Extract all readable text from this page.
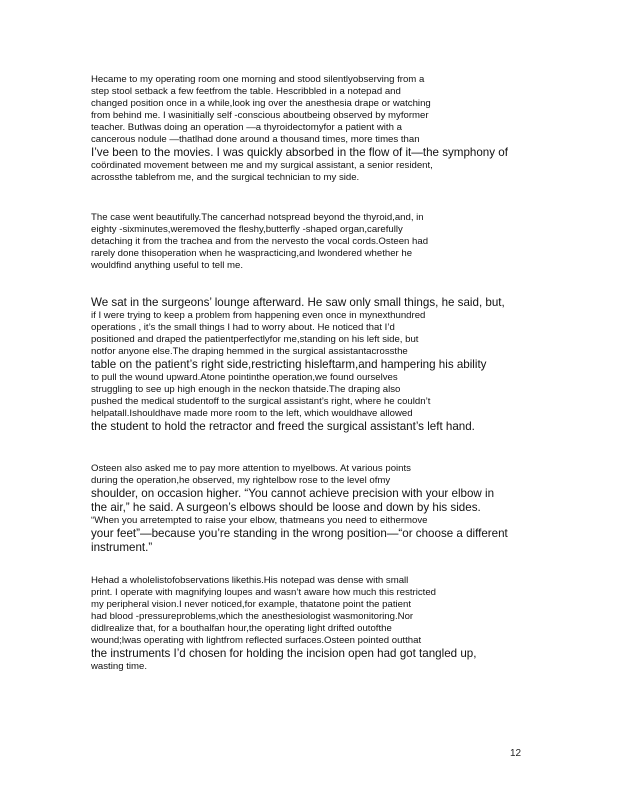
Hecame to my operating room one morning and stood silentlyobserving from a
step stool setback a few feetfrom the table. Hescribbled in a notepad and
changed position once in a while,look ing over the anesthesia drape or watching
from behind me. I wasinitially self -conscious aboutbeing observed by myformer
teacher. Butlwas doing an operation —a thyroidectomyfor a patient with a
cancerous nodule —thatlhad done around a thousand times, more times than
I’ve been to the movies. I was quickly absorbed in the flow of it—the symphony of
coördinated movement between me and my surgical assistant, a senior resident,
acrossthe tablefrom me, and the surgical technician to my side.
The case went beautifully.The cancerhad notspread beyond the thyroid,and, in
eighty -sixminutes,weremoved the fleshy,butterfly -shaped organ,carefully
detaching it from the trachea and from the nervesto the vocal cords.Osteen had
rarely done thisoperation when he waspracticing,and lwondered whether he
wouldfind anything useful to tell me.
We sat in the surgeons’ lounge afterward. He saw only small things, he said, but,
if I were trying to keep a problem from happening even once in mynexthundred
operations , it’s the small things I had to worry about. He noticed that I’d
positioned and draped the patientperfectlyfor me,standing on his left side, but
notfor anyone else.The draping hemmed in the surgical assistantacrossthe
table on the patient’s right side,restricting hisleftarm,and hampering his ability
to pull the wound upward.Atone pointinthe operation,we found ourselves
struggling to see up high enough in the neckon thatside.The draping also
pushed the medical studentoff to the surgical assistant’s right, where he couldn’t
helpatall.Ishouldhave made more room to the left, which wouldhave allowed
the student to hold the retractor and freed the surgical assistant’s left hand.
Osteen also asked me to pay more attention to myelbows. At various points
during the operation,he observed, my rightelbow rose to the level ofmy
shoulder, on occasion higher. “You cannot achieve precision with your elbow in
the air,” he said. A surgeon’s elbows should be loose and down by his sides.
“When you arretempted to raise your elbow, thatmeans you need to eithermove
your feet”—because you’re standing in the wrong position—“or choose a different
instrument.”
Hehad a wholelistofobservations likethis.His notepad was dense with small
print. I operate with magnifying loupes and wasn’t aware how much this restricted
my peripheral vision.I never noticed,for example, thatatone point the patient
had blood -pressureproblems,which the anesthesiologist wasmonitoring.Nor
didlrealize that, for a bouthalfan hour,the operating light drifted outofthe
wound;lwas operating with lightfrom reflected surfaces.Osteen pointed outthat
the instruments I’d chosen for holding the incision open had got tangled up,
wasting time.
12
